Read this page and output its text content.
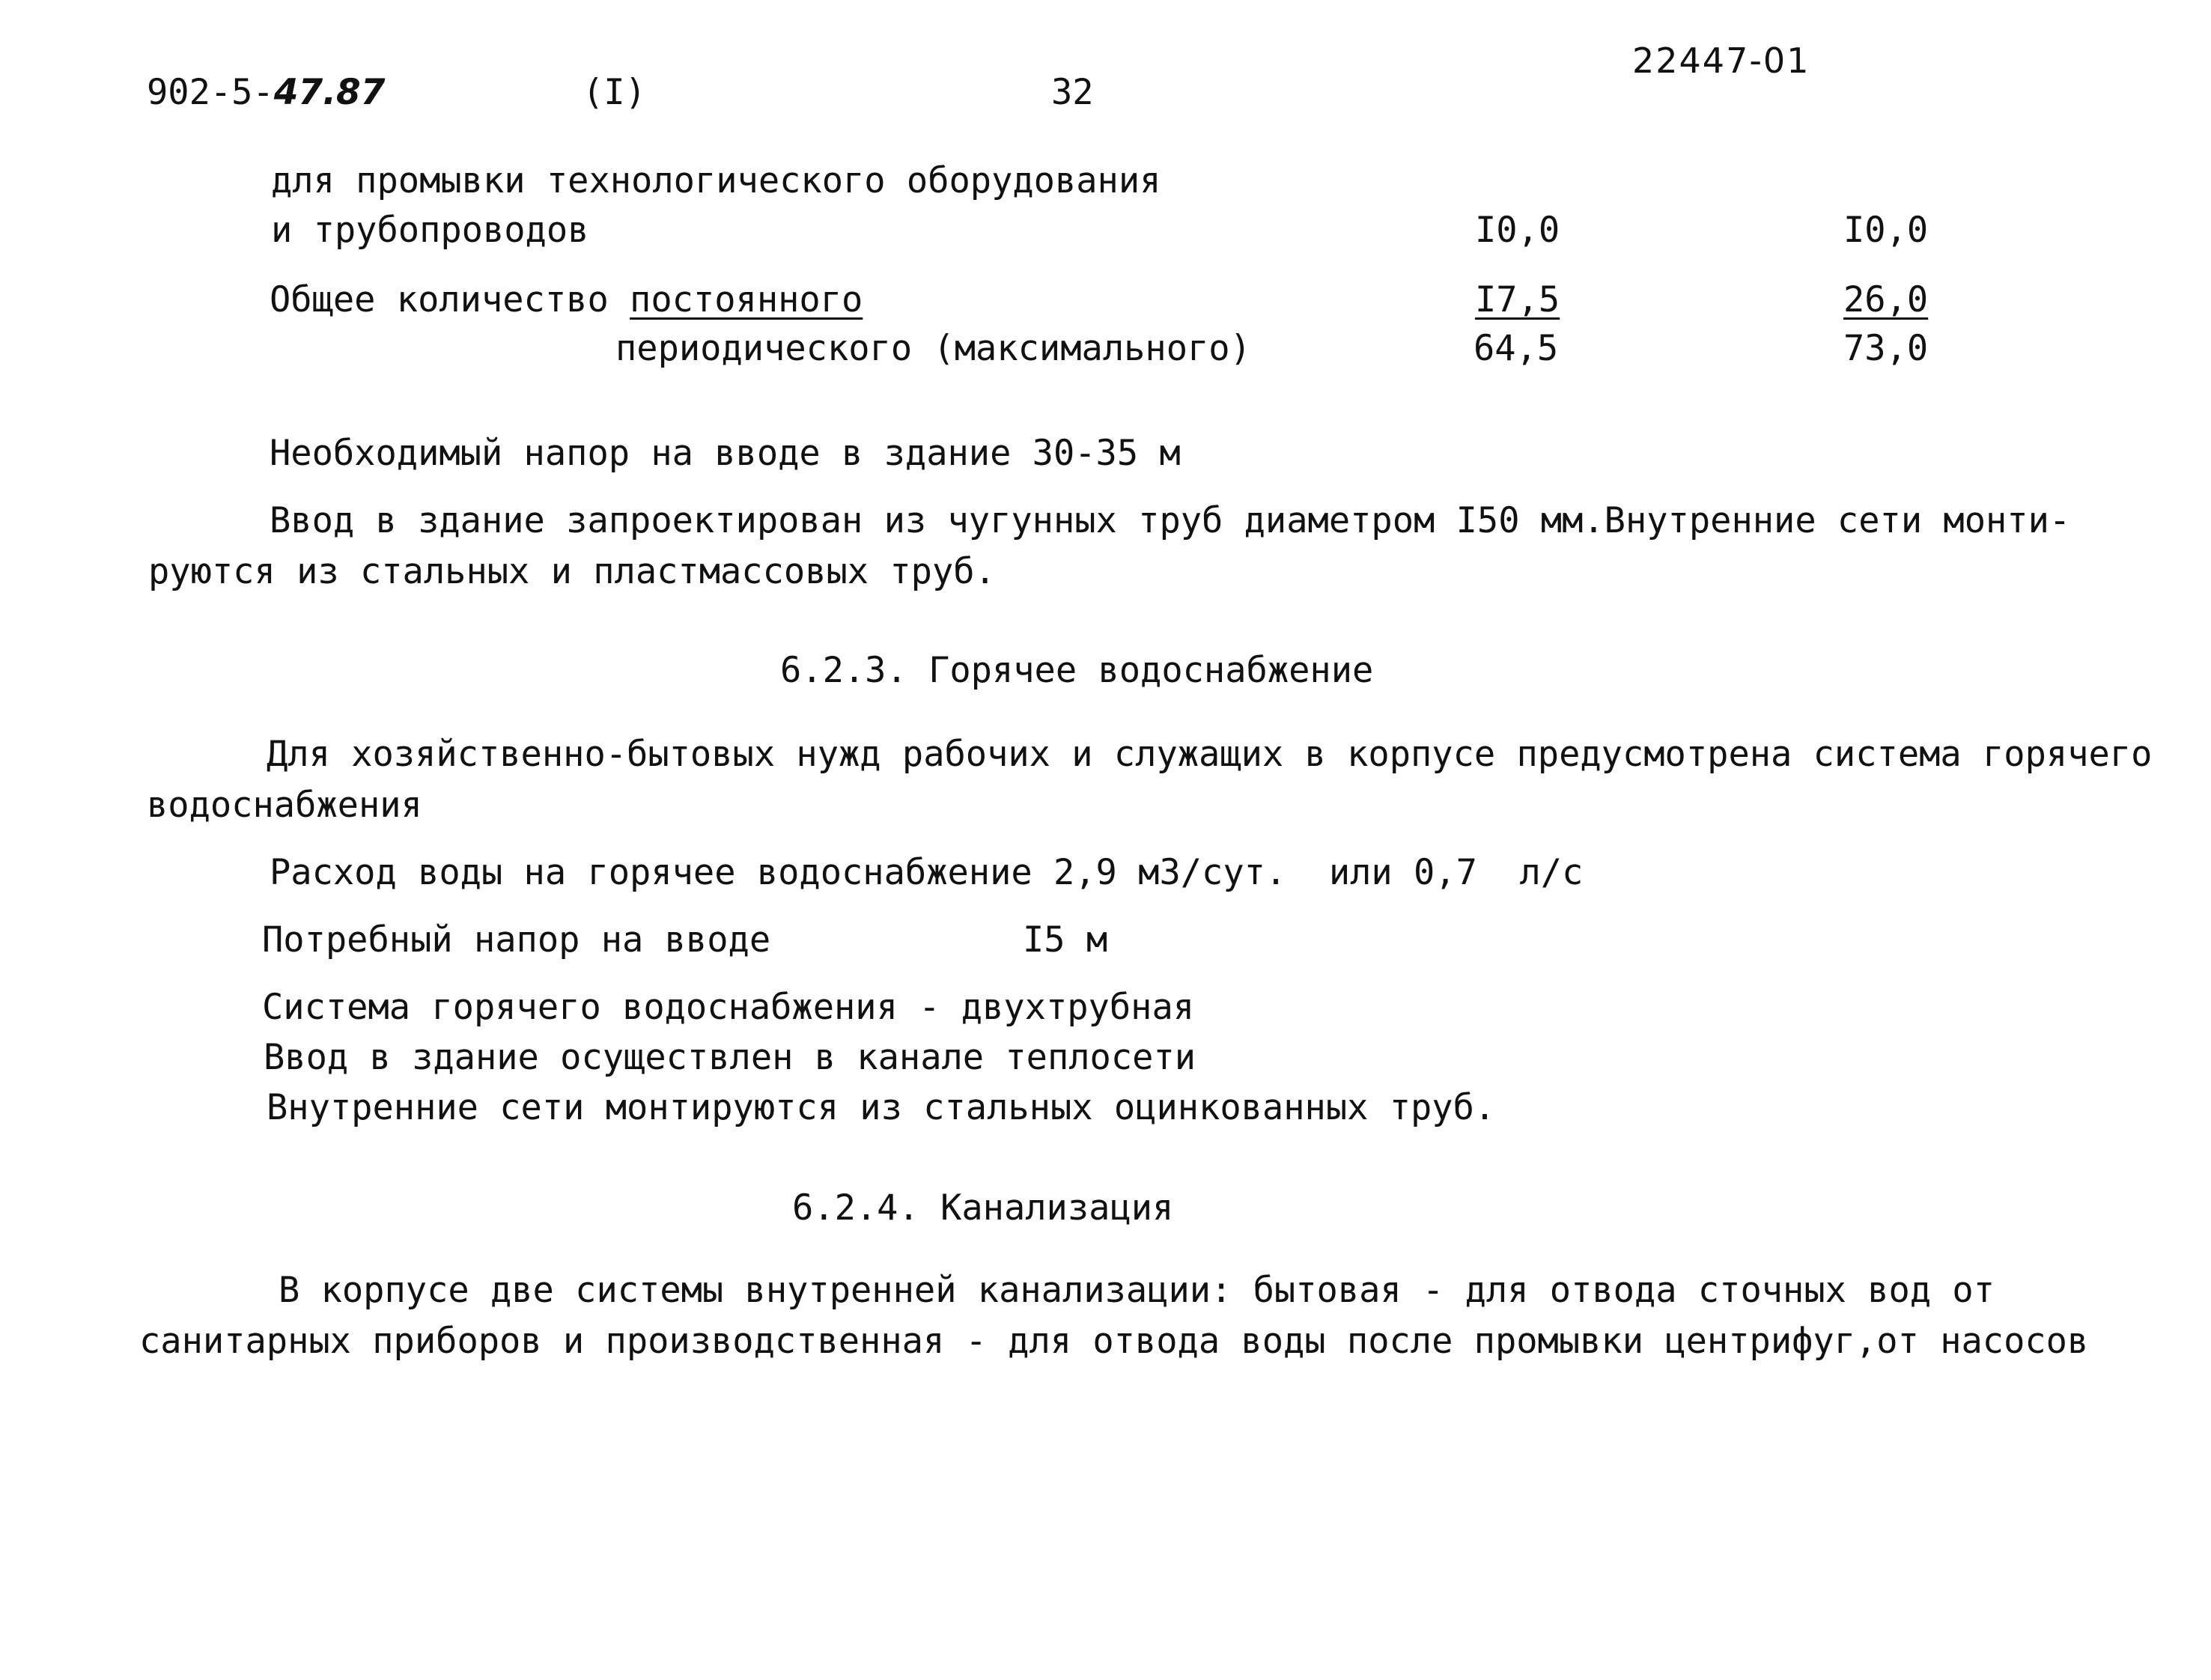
902-5-47.87	(I)	32
22447-01
для промывки технологического оборудования
и трубопроводов	I0,0	I0,0
Общее количество постоянного	I7,5	26,0
периодического (максимального)	64,5	73,0
Необходимый напор на вводе в здание 30-35 м
Ввод в здание запроектирован из чугунных труб диаметром I50 мм.Внутренние сети монти-
руются из стальных и пластмассовых труб.
6.2.3. Горячее водоснабжение
Для хозяйственно-бытовых нужд рабочих и служащих в корпусе предусмотрена система горячего
водоснабжения
Расход воды на горячее водоснабжение 2,9 м3/сут.  или 0,7  л/с
Потребный напор на вводе	I5 м
Система горячего водоснабжения - двухтрубная
Ввод в здание осуществлен в канале теплосети
Внутренние сети монтируются из стальных оцинкованных труб.
6.2.4. Канализация
В корпусе две системы внутренней канализации: бытовая - для отвода сточных вод от
санитарных приборов и производственная - для отвода воды после промывки центрифуг,от насосов
